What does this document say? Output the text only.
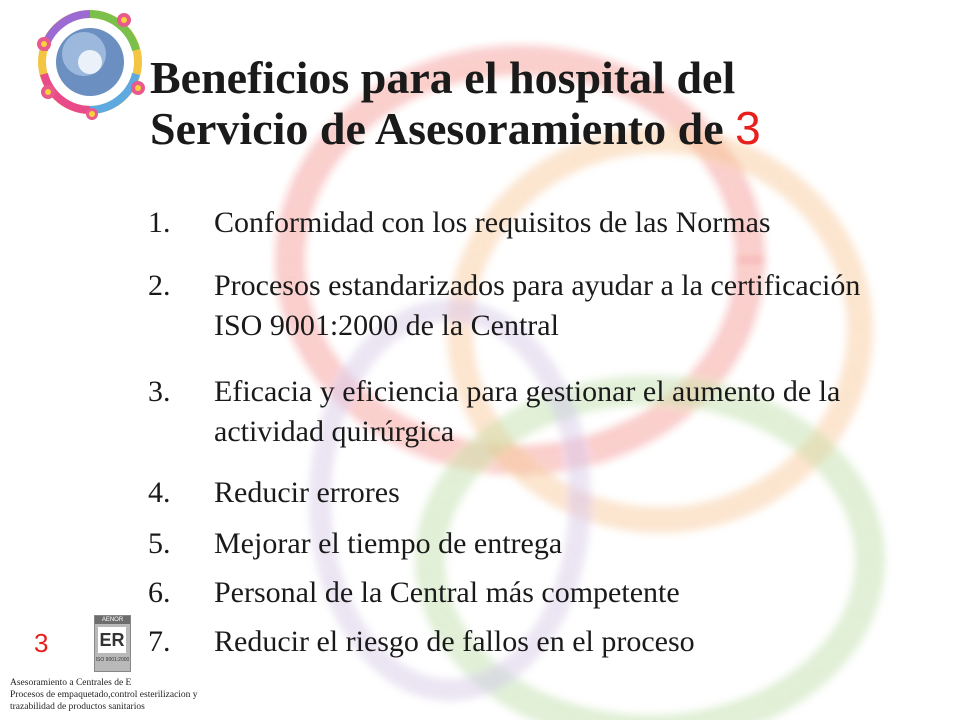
Beneficios para el hospital del
Servicio de Asesoramiento de 3
1.	Conformidad con los requisitos de las Normas
2.	Procesos estandarizados para ayudar a la certificación ISO 9001:2000 de la Central
3.	Eficacia y eficiencia para gestionar el aumento de la actividad quirúrgica
4.	Reducir errores
5.	Mejorar el tiempo de entrega
6.	Personal de la Central más competente
7.	Reducir el riesgo de fallos en el proceso
AENOR
ER
ISO 9001:2000
3
Asesoramiento a Centrales de E
Procesos de empaquetado,control esterilizacion y
trazabilidad de productos sanitarios
